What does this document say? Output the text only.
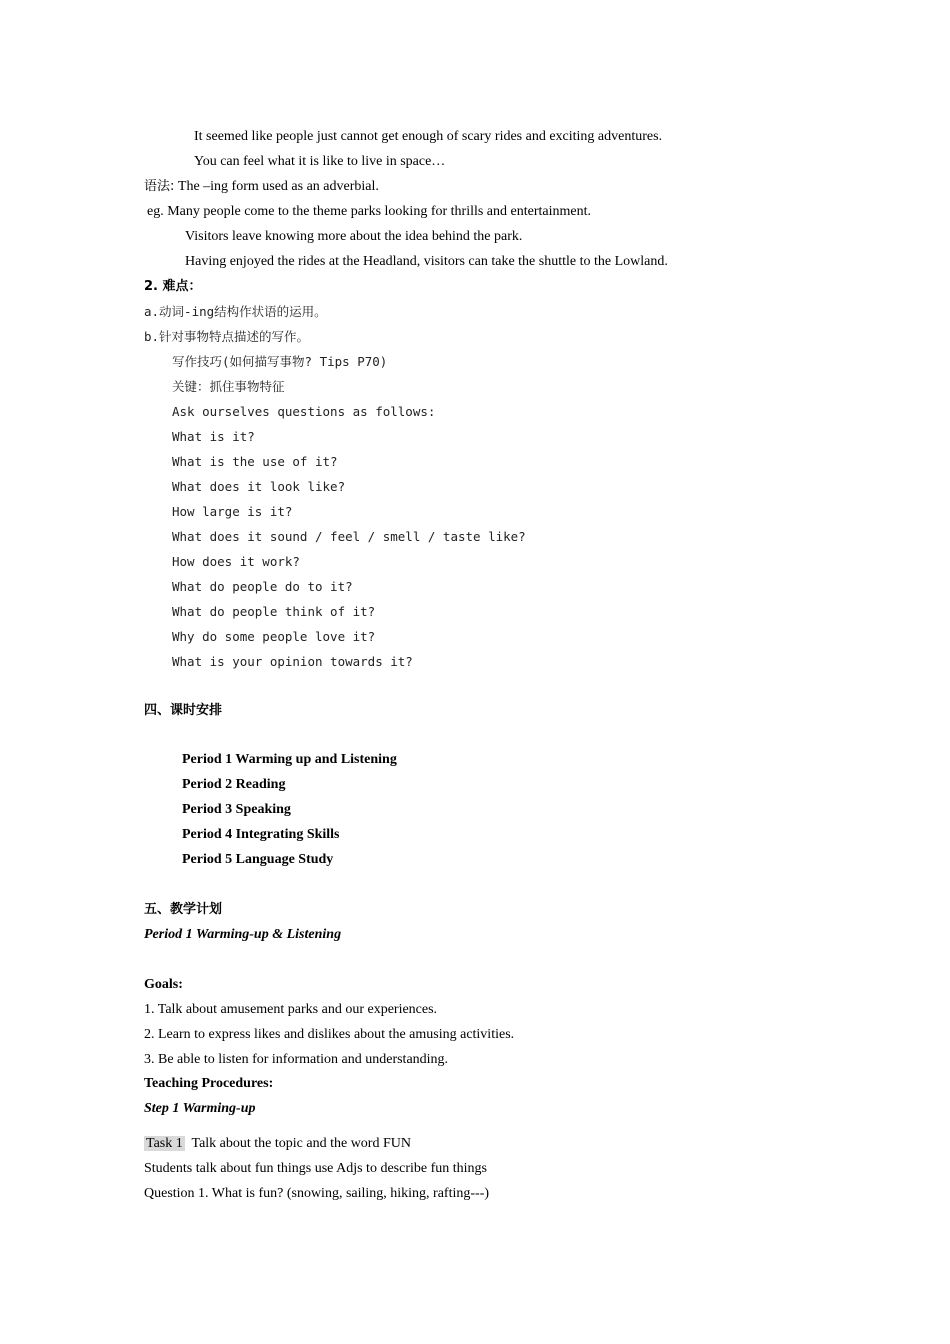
It seemed like people just cannot get enough of scary rides and exciting adventures.
You can feel what it is like to live in space…
语法: The –ing form used as an adverbial.
eg. Many people come to the theme parks looking for thrills and entertainment.
Visitors leave knowing more about the idea behind the park.
Having enjoyed the rides at the Headland, visitors can take the shuttle to the Lowland.
2. 难点：
a.动词-ing结构作状语的运用。
b.针对事物特点描述的写作。
写作技巧(如何描写事物? Tips P70)
关键：抓住事物特征
Ask ourselves questions as follows:
What is it?
What is the use of it?
What does it look like?
How large is it?
What does it sound / feel / smell / taste like?
How does it work?
What do people do to it?
What do people think of it?
Why do some people love it?
What is your opinion towards it?
四、课时安排
Period 1 Warming up and Listening
Period 2 Reading
Period 3 Speaking
Period 4 Integrating Skills
Period 5 Language Study
五、教学计划
Period 1 Warming-up & Listening
Goals:
1. Talk about amusement parks and our experiences.
2. Learn to express likes and dislikes about the amusing activities.
3. Be able to listen for information and understanding.
Teaching Procedures:
Step 1 Warming-up
Task 1  Talk about the topic and the word FUN
Students talk about fun things use Adjs to describe fun things
Question 1. What is fun? (snowing, sailing, hiking, rafting---)
